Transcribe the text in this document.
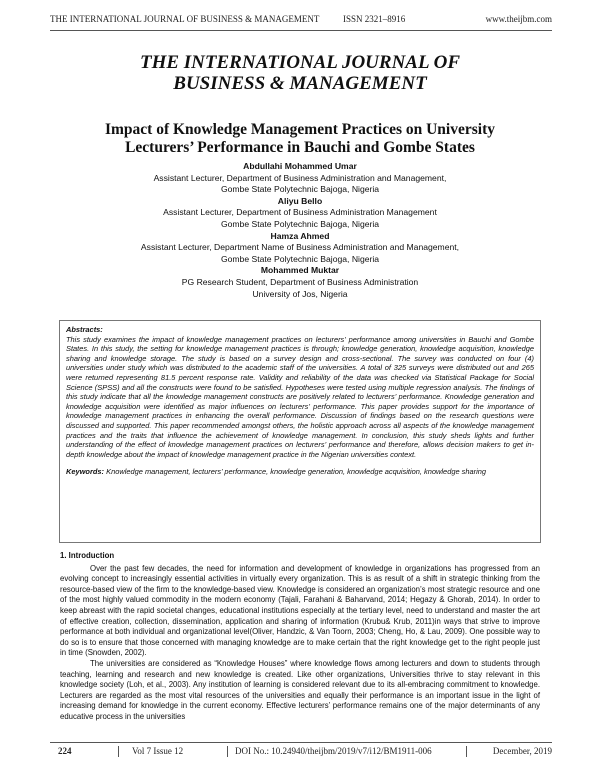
THE INTERNATIONAL JOURNAL OF BUSINESS & MANAGEMENT	ISSN 2321–8916	www.theijbm.com
THE INTERNATIONAL JOURNAL OF
BUSINESS & MANAGEMENT
Impact of Knowledge Management Practices on University
Lecturers’ Performance in Bauchi and Gombe States
Abdullahi Mohammed Umar
Assistant Lecturer, Department of Business Administration and Management,
Gombe State Polytechnic Bajoga, Nigeria
Aliyu Bello
Assistant Lecturer, Department of Business Administration Management
Gombe State Polytechnic Bajoga, Nigeria
Hamza Ahmed
Assistant Lecturer, Department Name of Business Administration and Management,
Gombe State Polytechnic Bajoga, Nigeria
Mohammed Muktar
PG Research Student, Department of Business Administration
University of Jos, Nigeria
Abstracts:

This study examines the impact of knowledge management practices on lecturers’ performance among universities in Bauchi and Gombe States. In this study, the setting for knowledge management practices is through; knowledge generation, knowledge acquisition, knowledge sharing and knowledge storage. The study is based on a survey design and cross-sectional. The survey was conducted on four (4) universities under study which was distributed to the academic staff of the universities. A total of 325 surveys were distributed out and 265 were returned representing 81.5 percent response rate. Validity and reliability of the data was checked via Statistical Package for Social Science (SPSS) and all the constructs were found to be satisfied. Hypotheses were tested using multiple regression analysis. The findings of this study indicate that all the knowledge management constructs are positively related to lecturers’ performance. Knowledge generation and knowledge acquisition were identified as major influences on lecturers’ performance. This paper provides support for the importance of knowledge management practices in enhancing the overall performance. Discussion of findings based on the research questions were discussed and supported. This paper recommended amongst others, the holistic approach across all aspects of the knowledge management practices and the traits that influence the achievement of knowledge management. In conclusion, this study sheds lights and further understanding of the effect of knowledge management practices on lecturers’ performance and therefore, allows decision makers to get in-depth knowledge about the impact of knowledge management practice in the Nigerian universities context.

Keywords: Knowledge management, lecturers’ performance, knowledge generation, knowledge acquisition, knowledge sharing

1. Introduction

Over the past few decades, the need for information and development of knowledge in organizations has progressed from an evolving concept to increasingly essential activities in virtually every organization. This is as result of a shift in strategic thinking from the resource-based view of the firm to the knowledge-based view. Knowledge is considered an organization’s most strategic resource and one of the most highly valued commodity in the modern economy (Tajali, Farahani & Baharvand, 2014; Hegazy & Ghorab, 2014). In order to keep abreast with the rapid societal changes, educational institutions especially at the tertiary level, need to understand and master the art of effective creation, collection, dissemination, application and sharing of information (Krubu& Krub, 2011)in ways that strive to improve performance at both individual and organizational level(Oliver, Handzic, & Van Toorn, 2003; Cheng, Ho, & Lau, 2009). One possible way to do so is to ensure that those concerned with managing knowledge are to make certain that the right knowledge get to the right people just in time (Snowden, 2002).

The universities are considered as “Knowledge Houses” where knowledge flows among lecturers and down to students through teaching, learning and research and new knowledge is created. Like other organizations, Universities thrive to stay relevant in this knowledge society (Loh, et al., 2003). Any institution of learning is considered relevant due to its all-embracing commitment to knowledge. Lecturers are regarded as the most vital resources of the universities and equally their performance is an important issue in the light of increasing demand for knowledge in the current economy. Effective lecturers’ performance remains one of the major determinants of any educative process in the universities

224	Vol 7 Issue 12	DOI No.: 10.24940/theijbm/2019/v7/i12/BM1911-006	December, 2019
